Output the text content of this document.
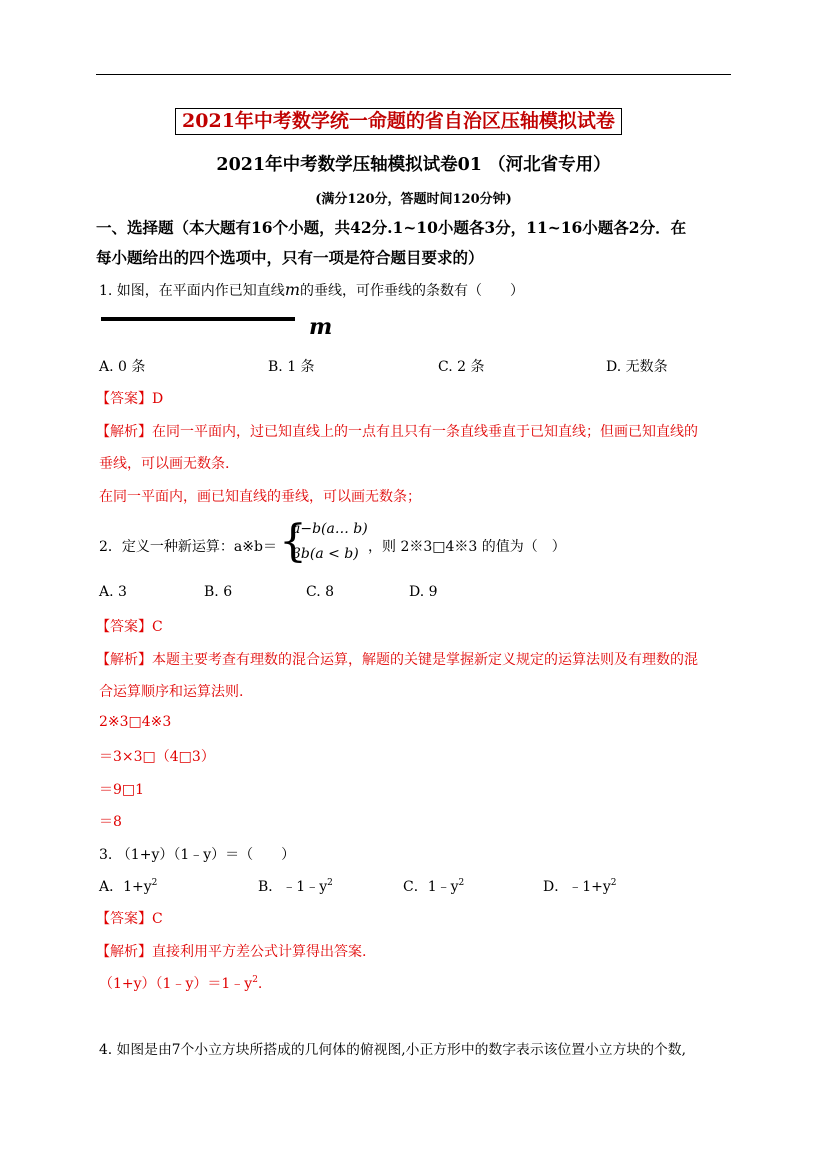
2021年中考数学统一命题的省自治区压轴模拟试卷
2021年中考数学压轴模拟试卷01 （河北省专用）
(满分120分，答题时间120分钟)
一、选择题（本大题有16个小题，共42分.1~10小题各3分，11~16小题各2分．在
每小题给出的四个选项中，只有一项是符合题目要求的）
1. 如图，在平面内作已知直线m的垂线，可作垂线的条数有（　　）
m
A. 0 条	B. 1 条	C. 2 条	D. 无数条
【答案】D
【解析】在同一平面内，过已知直线上的一点有且只有一条直线垂直于已知直线；但画已知直线的
垂线，可以画无数条.
在同一平面内，画已知直线的垂线，可以画无数条；
2．定义一种新运算：a※b＝ {
a−b(a… b)
3b(a < b) ，则 2※3□4※3 的值为（　）
A. 3	B. 6	C. 8	D. 9
【答案】C
【解析】本题主要考查有理数的混合运算，解题的关键是掌握新定义规定的运算法则及有理数的混
合运算顺序和运算法则.
2※3□4※3
＝3×3□（4□3）
＝9□1
＝8
3. （1+y）（1﹣y）＝（　　）
A．$1+y^2$	B．$﹣1﹣y^2$	C．$1﹣y^2$	D．$﹣1+y^2$
【答案】C
【解析】直接利用平方差公式计算得出答案.
$(1+y)(1﹣y)=1﹣y^2$.
4. 如图是由7个小立方块所搭成的几何体的俯视图,小正方形中的数字表示该位置小立方块的个数,
